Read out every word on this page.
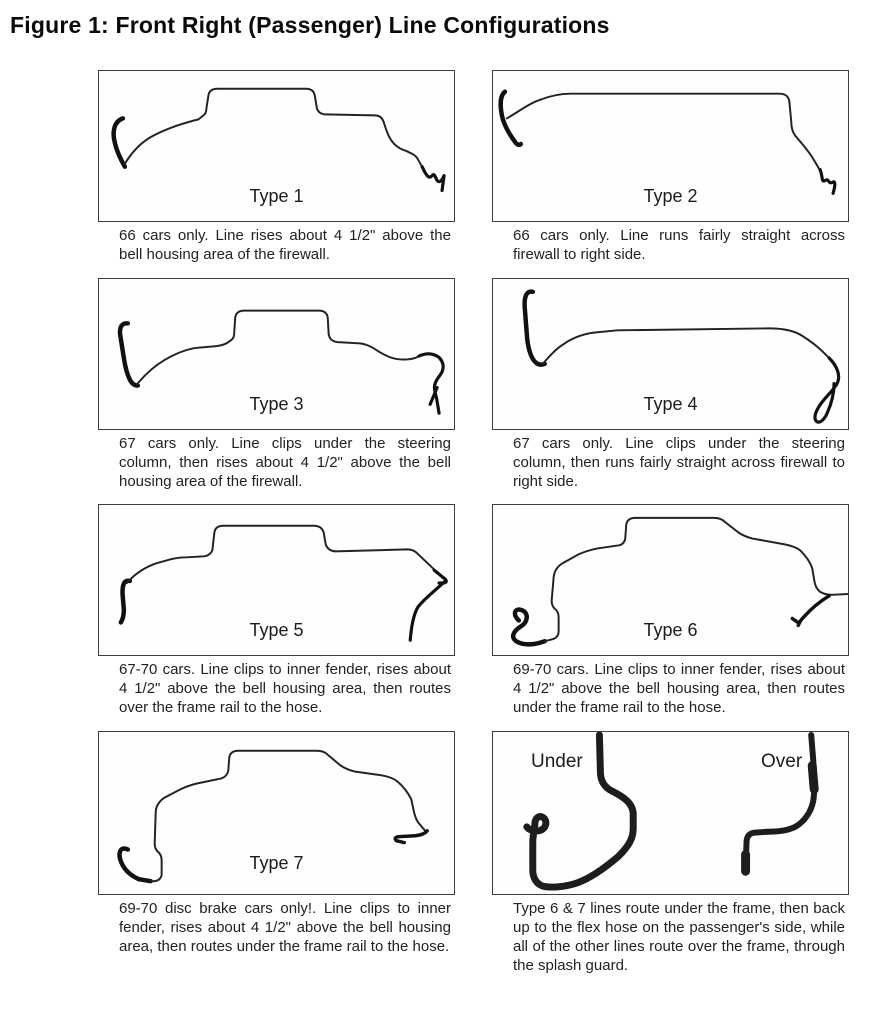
Figure 1: Front Right (Passenger) Line Configurations
Type 1
66 cars only. Line rises about 4 1/2" above the bell housing area of the firewall.
Type 2
66 cars only. Line runs fairly straight across firewall to right side.
Type 3
67 cars only. Line clips under the steering column, then rises about 4 1/2" above the bell housing area of the firewall.
Type 4
67 cars only. Line clips under the steering column, then runs fairly straight across firewall to right side.
Type 5
67-70 cars. Line clips to inner fender, rises about 4 1/2" above the bell housing area, then routes over the frame rail to the hose.
Type 6
69-70 cars. Line clips to inner fender, rises about 4 1/2" above the bell housing area, then routes under the frame rail to the hose.
Type 7
69-70 disc brake cars only!. Line clips to inner fender, rises about 4 1/2" above the bell housing area, then routes under the frame rail to the hose.
Under	Over
Type 6 & 7 lines route under the frame, then back up to the flex hose on the passenger's side, while all of the other lines route over the frame, through the splash guard.
